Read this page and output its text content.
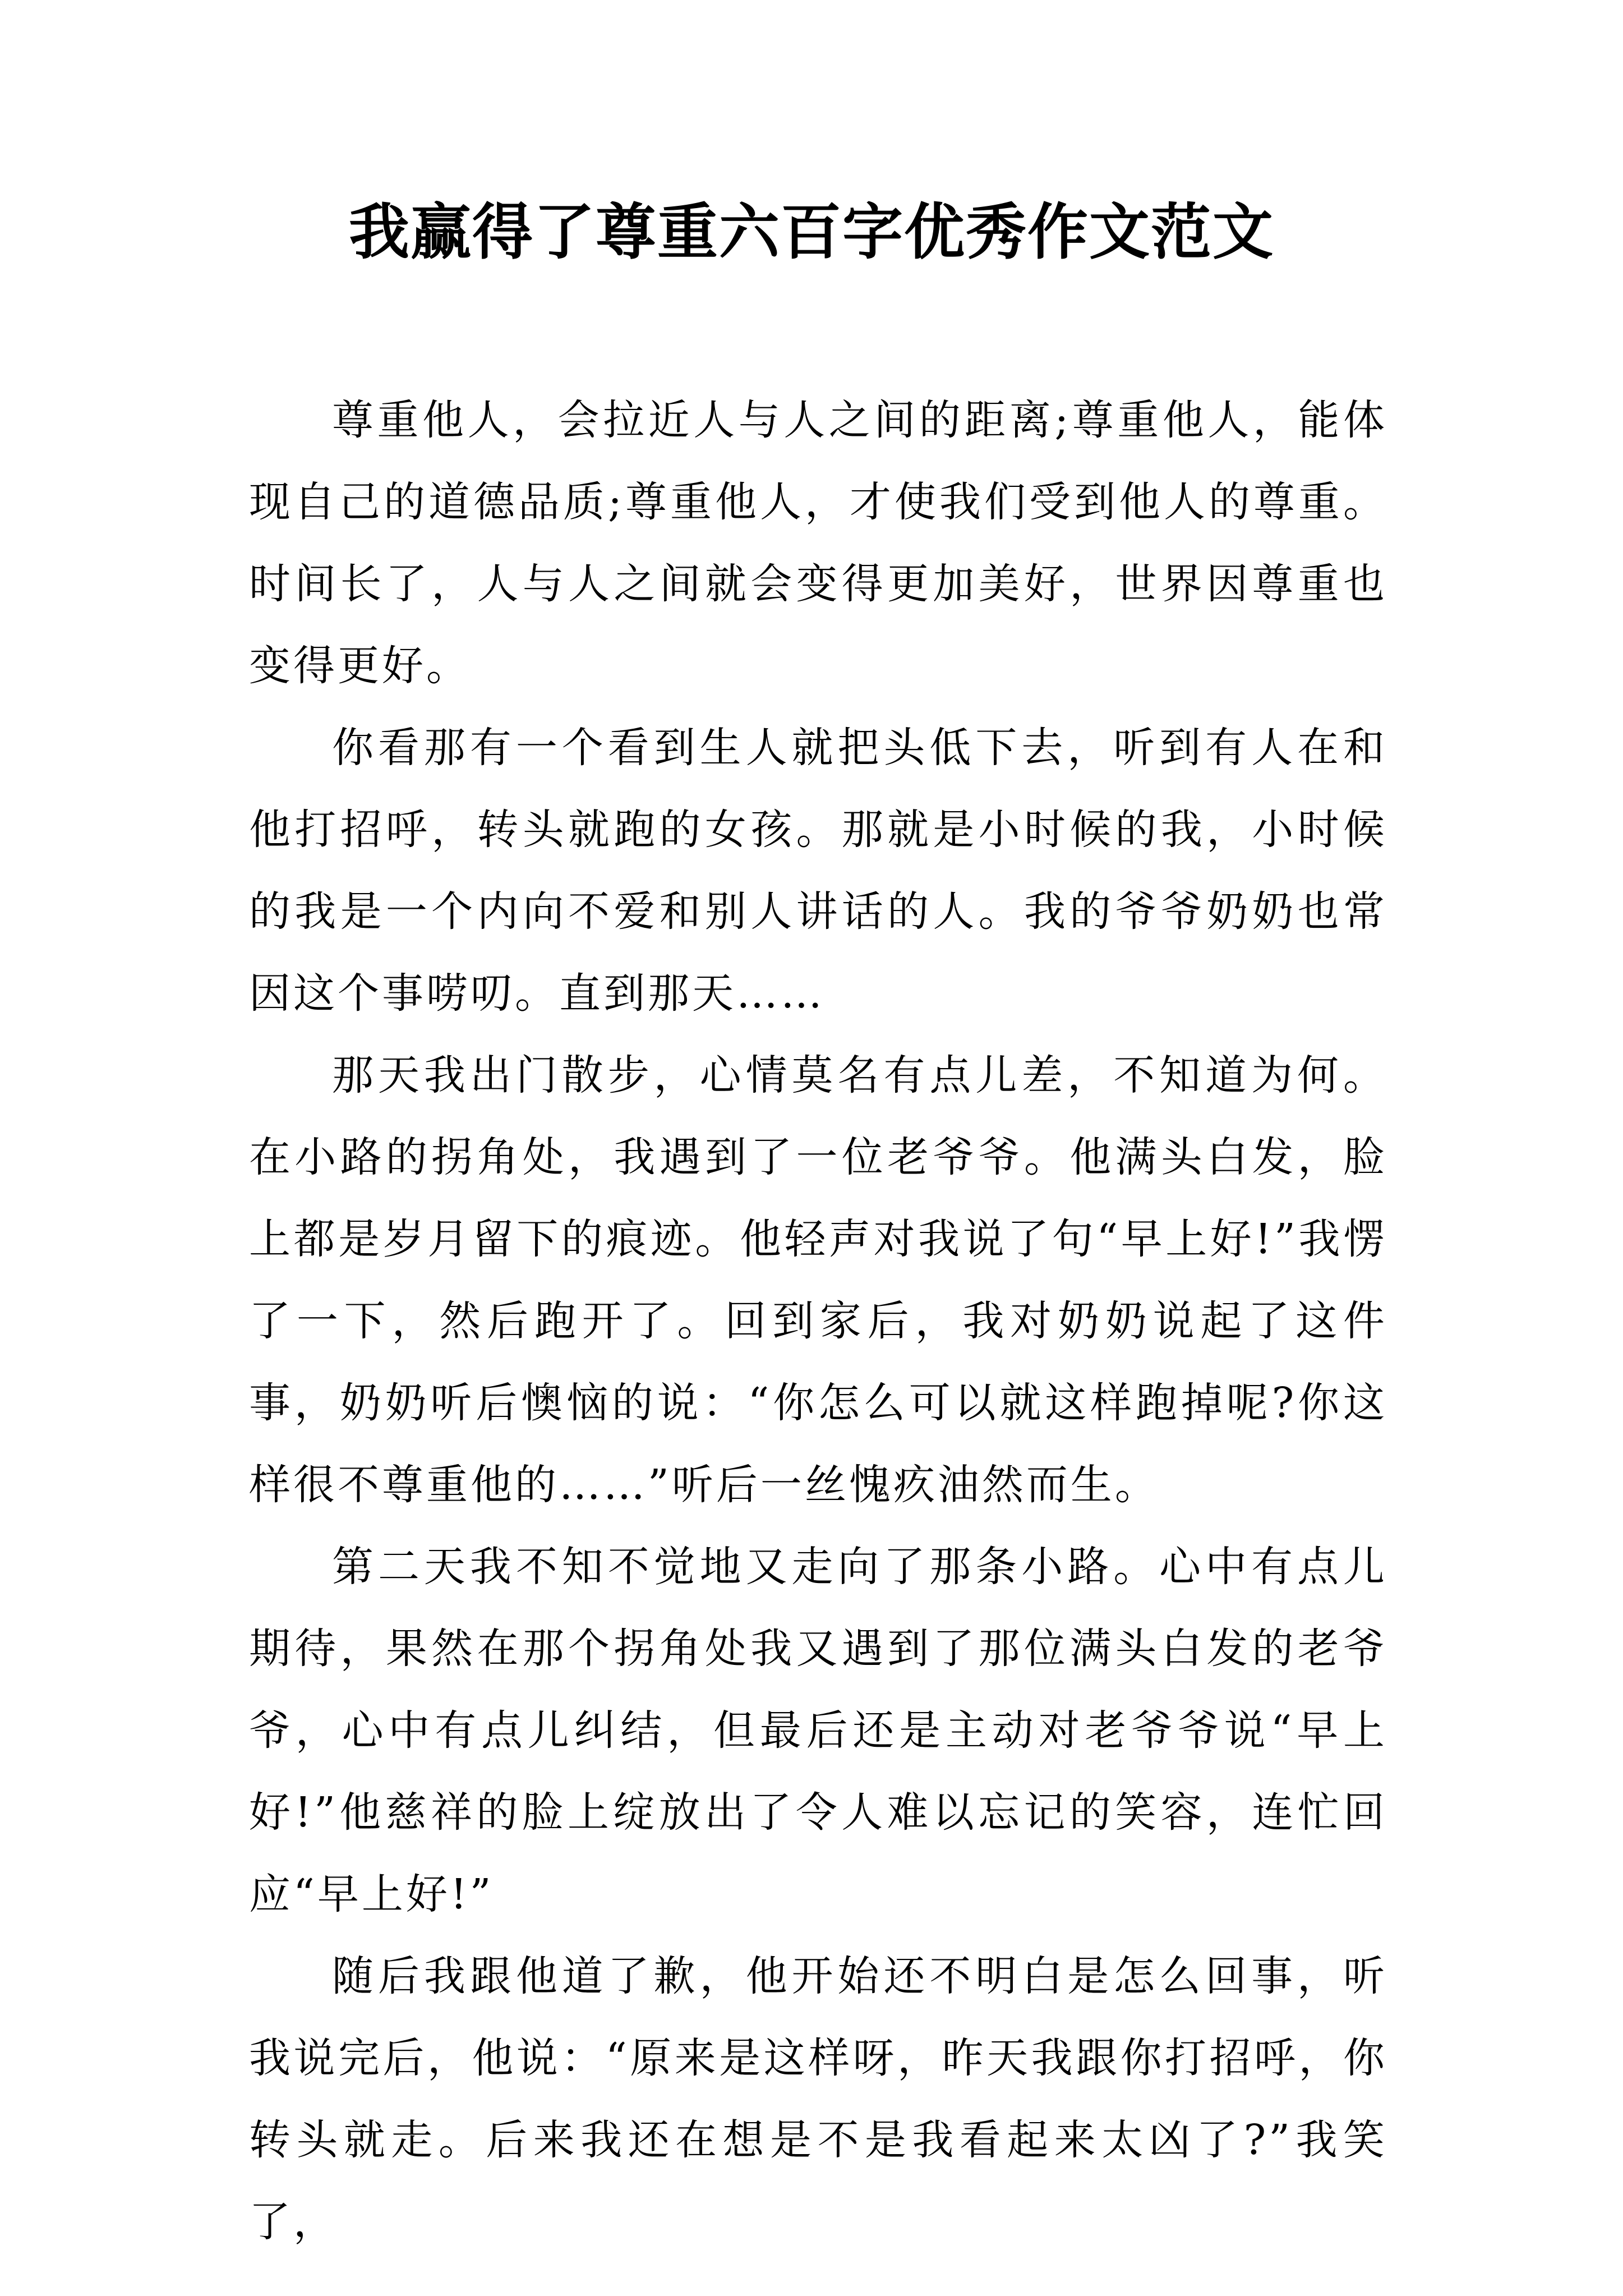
我赢得了尊重六百字优秀作文范文

尊重他人，会拉近人与人之间的距离;尊重他人，能体现自己的道德品质;尊重他人，才使我们受到他人的尊重。时间长了，人与人之间就会变得更加美好，世界因尊重也变得更好。

你看那有一个看到生人就把头低下去，听到有人在和他打招呼，转头就跑的女孩。那就是小时候的我，小时候的我是一个内向不爱和别人讲话的人。我的爷爷奶奶也常因这个事唠叨。直到那天……

那天我出门散步，心情莫名有点儿差，不知道为何。在小路的拐角处，我遇到了一位老爷爷。他满头白发，脸上都是岁月留下的痕迹。他轻声对我说了句“早上好!”我愣了一下，然后跑开了。回到家后，我对奶奶说起了这件事，奶奶听后懊恼的说：“你怎么可以就这样跑掉呢?你这样很不尊重他的……”听后一丝愧疚油然而生。

第二天我不知不觉地又走向了那条小路。心中有点儿期待，果然在那个拐角处我又遇到了那位满头白发的老爷爷，心中有点儿纠结，但最后还是主动对老爷爷说“早上好!”他慈祥的脸上绽放出了令人难以忘记的笑容，连忙回应“早上好!”

随后我跟他道了歉，他开始还不明白是怎么回事，听我说完后，他说：“原来是这样呀，昨天我跟你打招呼，你转头就走。后来我还在想是不是我看起来太凶了?”我笑了，
